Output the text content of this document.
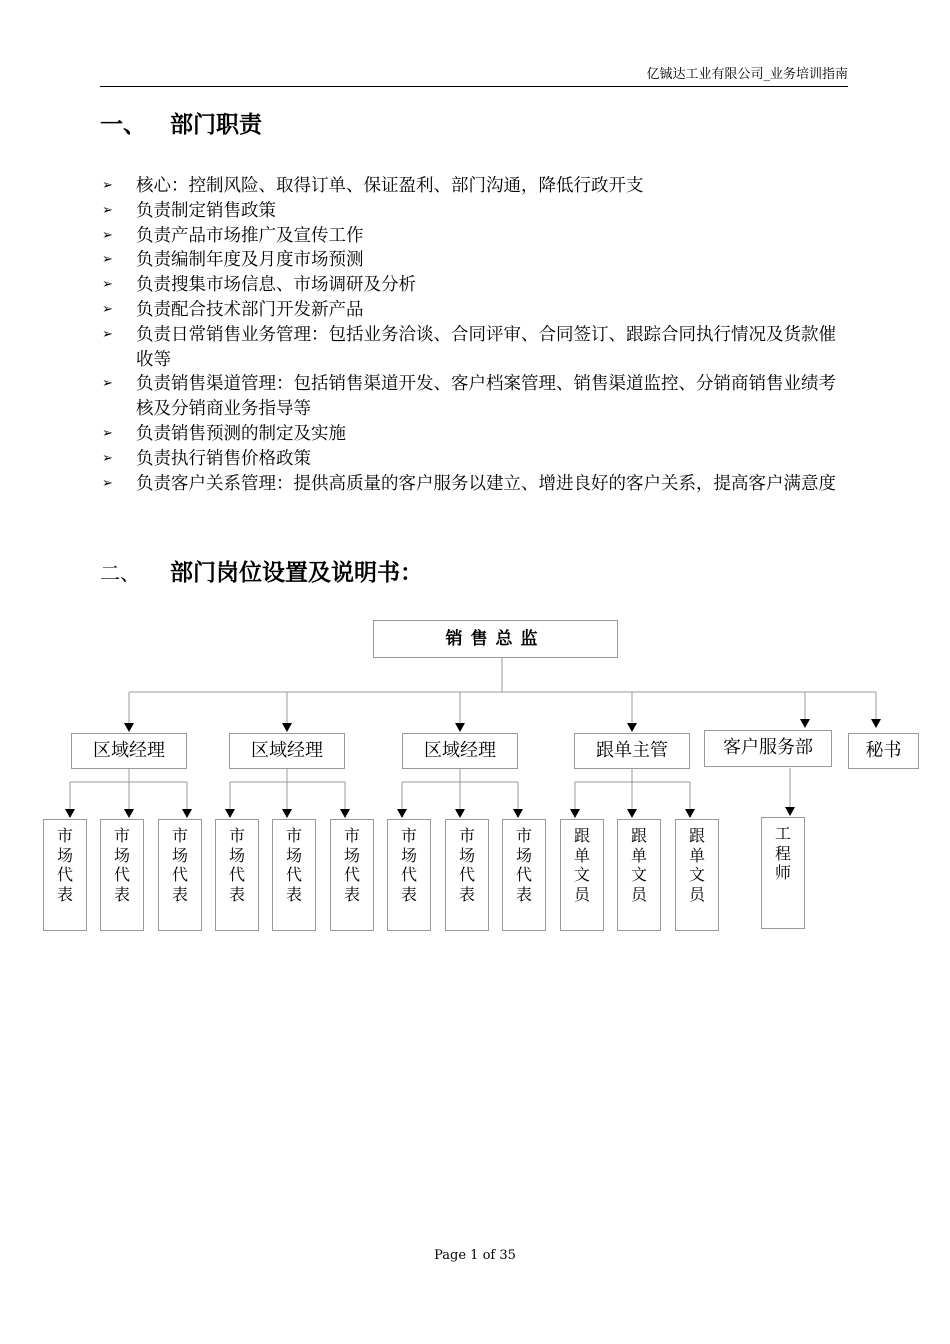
亿铖达工业有限公司_业务培训指南
一、 部门职责
➢ 核心：控制风险、取得订单、保证盈利、部门沟通，降低行政开支
➢ 负责制定销售政策
➢ 负责产品市场推广及宣传工作
➢ 负责编制年度及月度市场预测
➢ 负责搜集市场信息、市场调研及分析
➢ 负责配合技术部门开发新产品
➢ 负责日常销售业务管理：包括业务洽谈、合同评审、合同签订、跟踪合同执行情况及货款催收等
➢ 负责销售渠道管理：包括销售渠道开发、客户档案管理、销售渠道监控、分销商销售业绩考核及分销商业务指导等
➢ 负责销售预测的制定及实施
➢ 负责执行销售价格政策
➢ 负责客户关系管理：提供高质量的客户服务以建立、增进良好的客户关系，提高客户满意度
二、 部门岗位设置及说明书：
销售总监
区域经理	区域经理	区域经理	跟单主管	客户服务部	秘书
市
场
代
表
市
场
代
表
市
场
代
表
市
场
代
表
市
场
代
表
市
场
代
表
市
场
代
表
市
场
代
表
市
场
代
表
跟
单
文
员
跟
单
文
员
跟
单
文
员
工
程
师
Page 1 of 35
